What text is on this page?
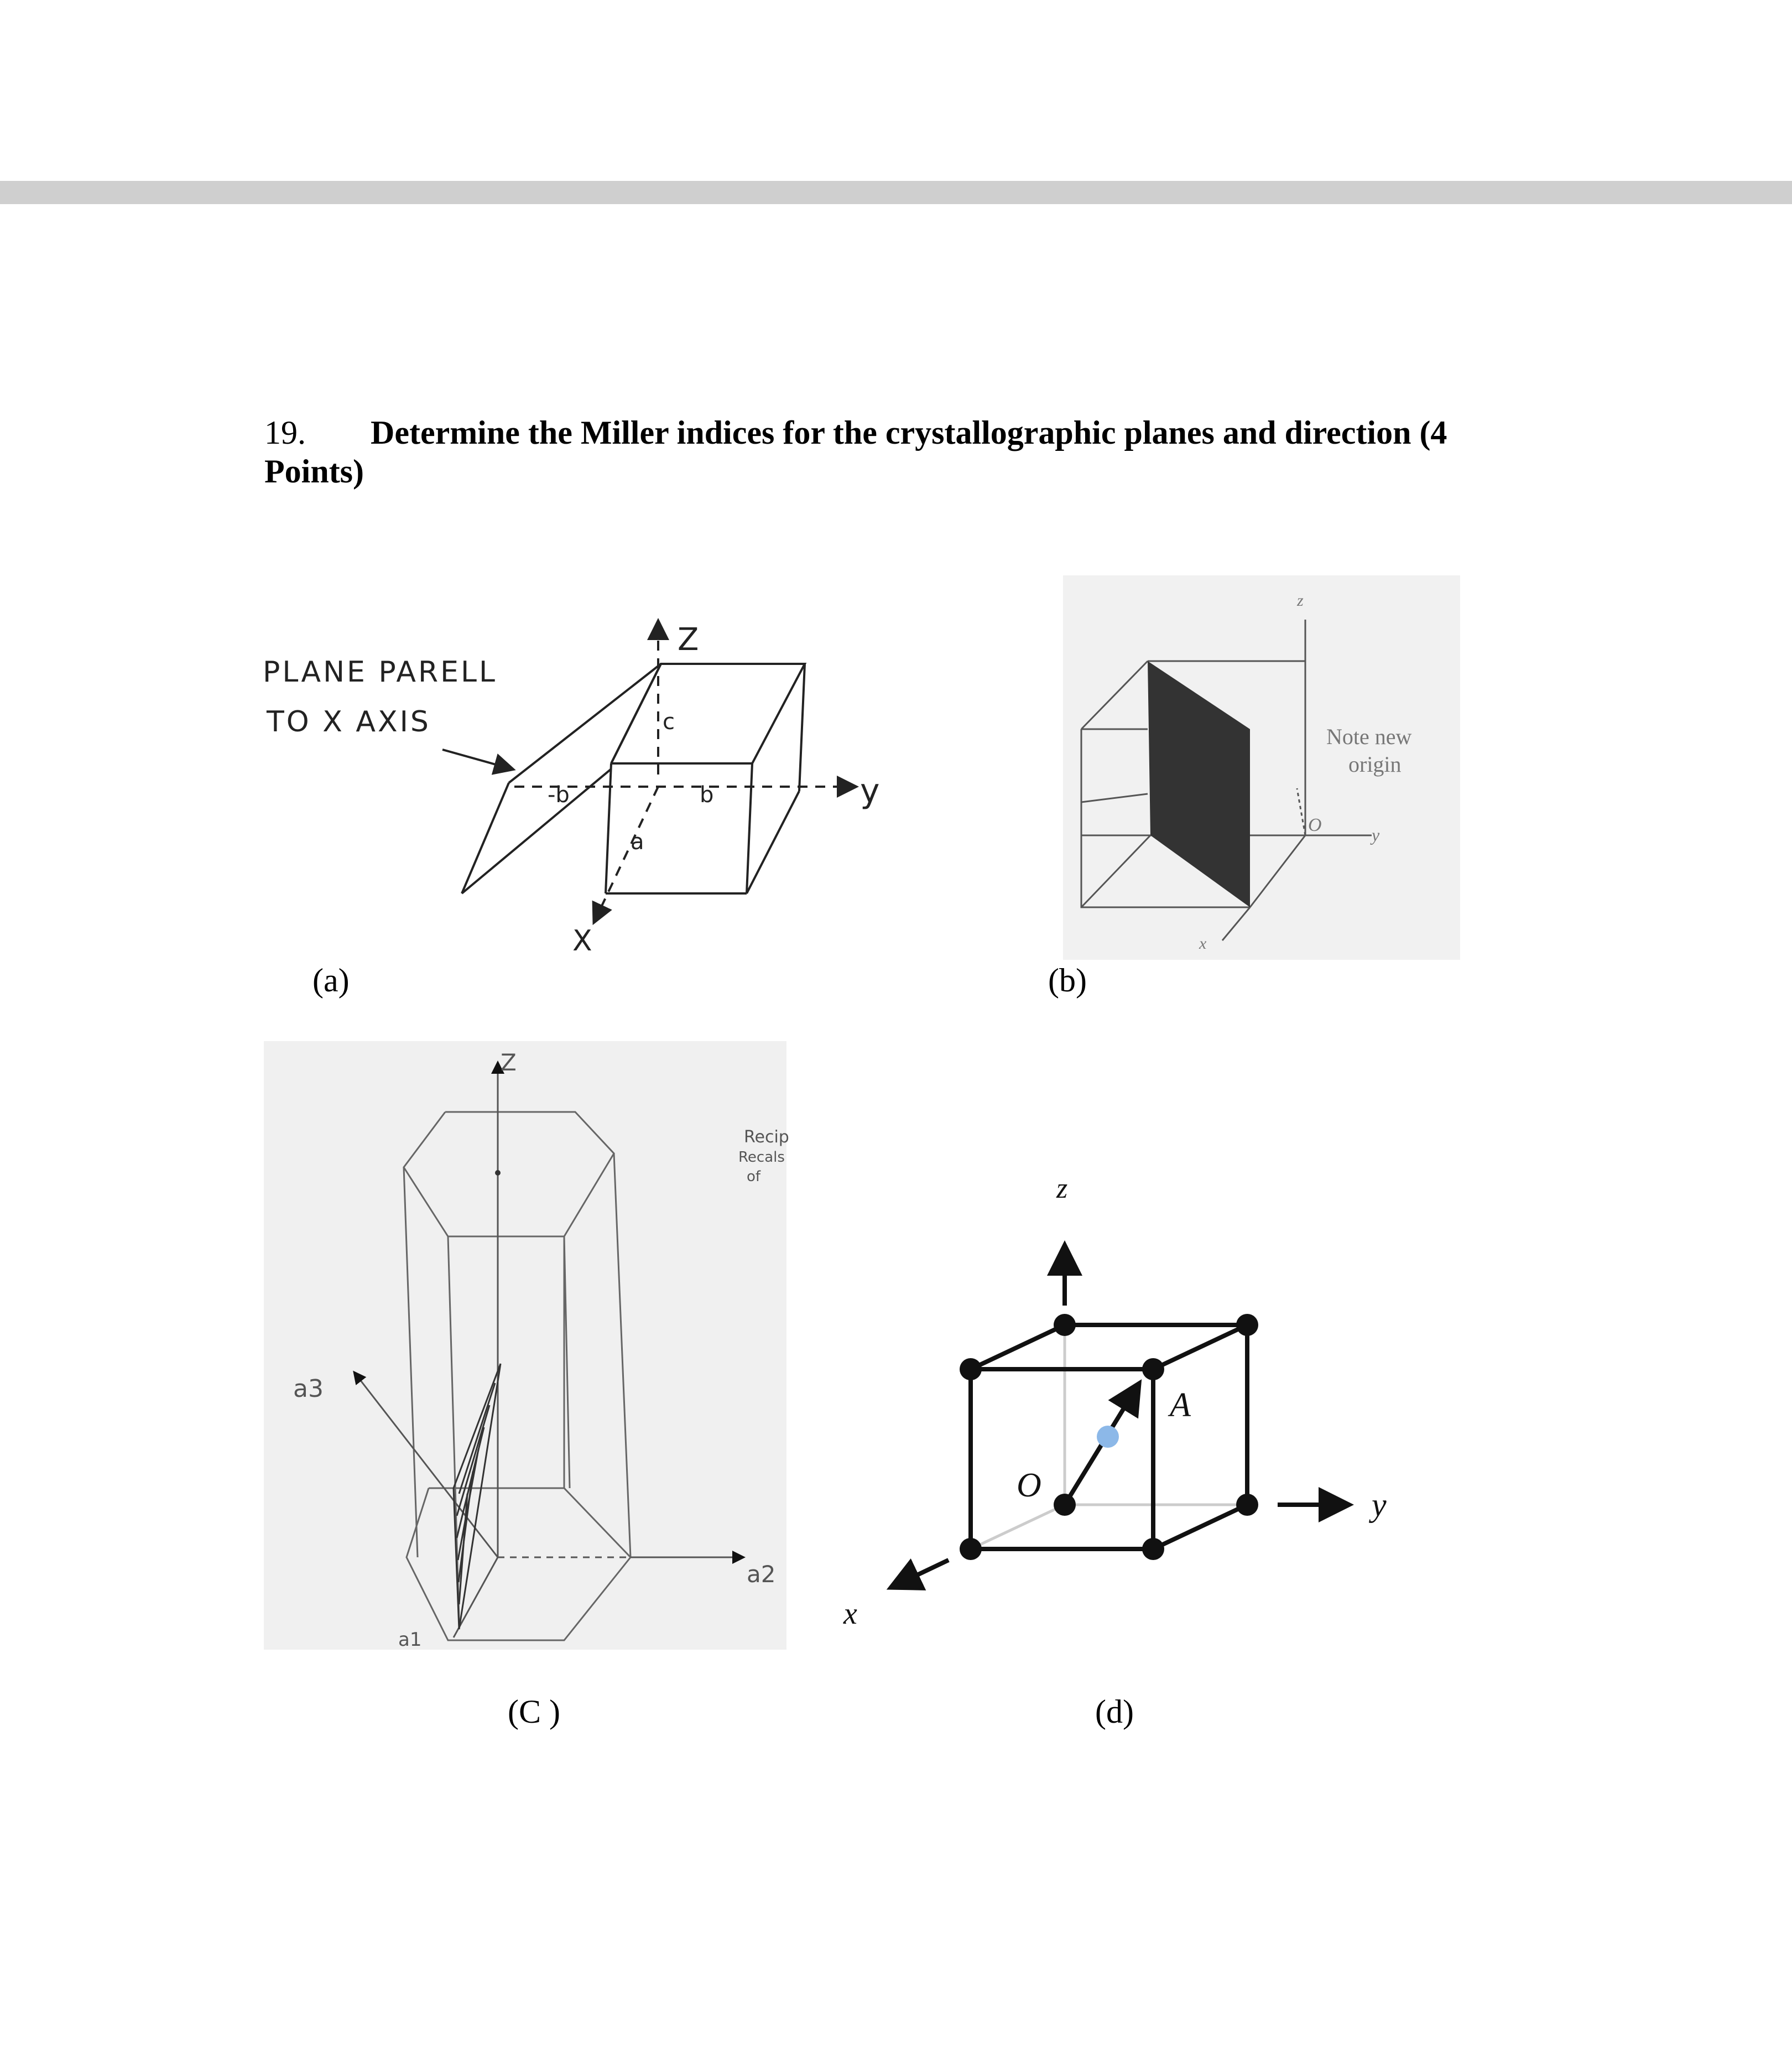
19. Determine the Miller indices for the crystallographic planes and direction (4
Points)
PLANE PARELL
TO X AXIS
Z
y
X
c
-b	b
a
z
Note new
origin
O	y
x
Z
a3
a2
a1
Recip
Recals
of	z
y
x
O
A
(a)	(b)
(C )	(d)
